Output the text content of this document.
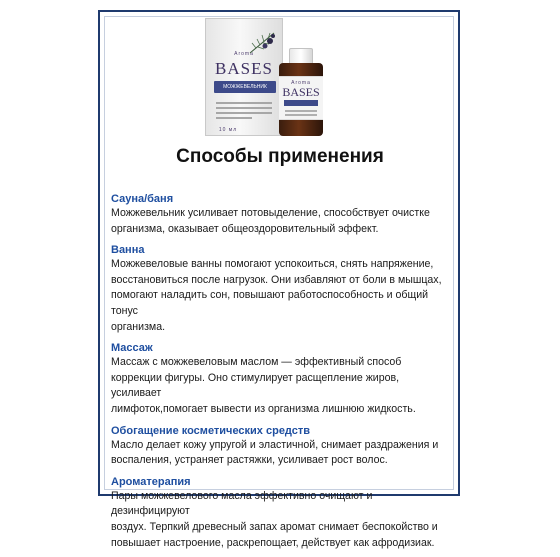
Aroma
BASES
МОЖЖЕВЕЛЬНИК
10 мл
Aroma
BASES
Способы применения
Сауна/баня

Можжевельник усиливает потовыделение, способствует очистке
организма, оказывает общеоздоровительный эффект.

Ванна

Можжевеловые ванны помогают успокоиться, снять напряжение,
восстановиться после нагрузок. Они избавляют от боли в мышцах,
помогают наладить сон, повышают работоспособность и общий тонус
организма.

Массаж

Массаж с можжевеловым маслом — эффективный способ
коррекции фигуры. Оно стимулирует расщепление жиров, усиливает
лимфоток,помогает вывести из организма лишнюю жидкость.

Обогащение косметических средств

Масло делает кожу упругой и эластичной, снимает раздражения и
воспаления, устраняет растяжки, усиливает рост волос.

Ароматерапия

Пары можжевелового масла эффективно очищают и дезинфицируют
воздух. Терпкий древесный запах аромат снимает беспокойство и
повышает настроение, раскрепощает, действует как афродизиак.
